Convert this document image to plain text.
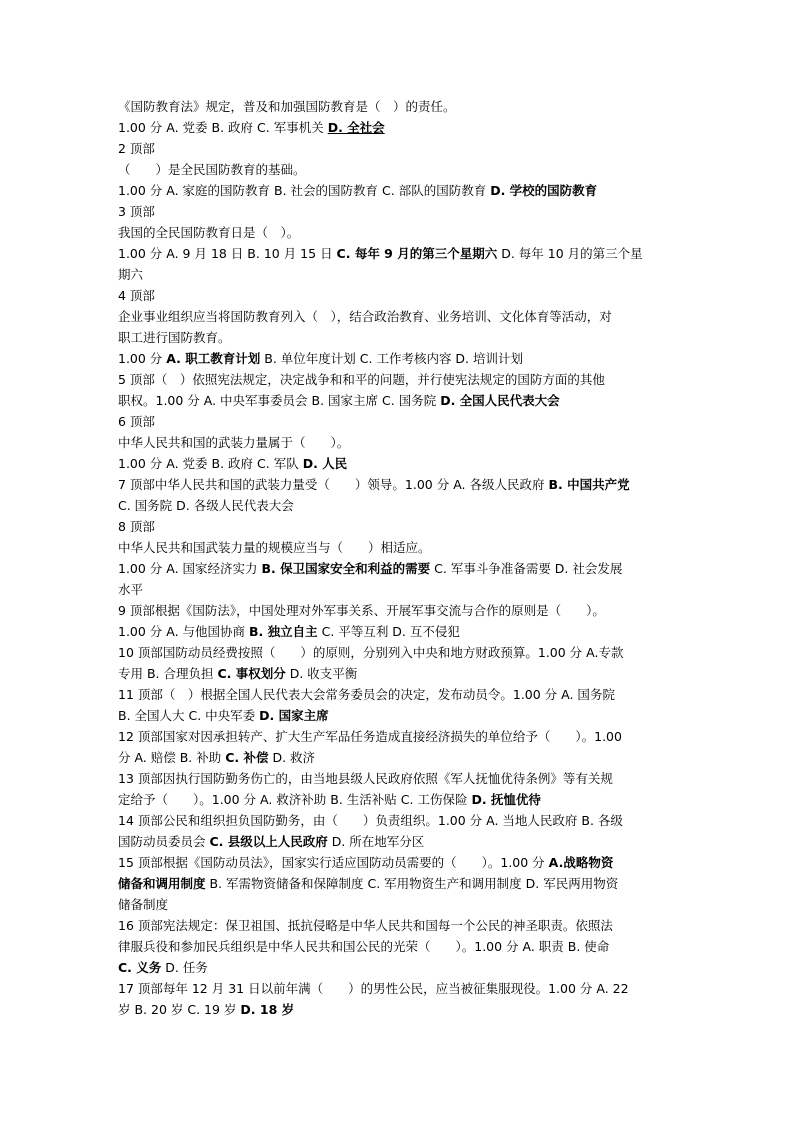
《国防教育法》规定，普及和加强国防教育是（　）的责任。
1.00 分 A. 党委 B. 政府 C. 军事机关 D. 全社会
2 顶部
（　　）是全民国防教育的基础。
1.00 分 A. 家庭的国防教育 B. 社会的国防教育 C. 部队的国防教育 D. 学校的国防教育
3 顶部
我国的全民国防教育日是（　）。
1.00 分 A. 9 月 18 日 B. 10 月 15 日 C. 每年 9 月的第三个星期六 D. 每年 10 月的第三个星
期六
4 顶部
企业事业组织应当将国防教育列入（　），结合政治教育、业务培训、文化体育等活动，对
职工进行国防教育。
1.00 分 A. 职工教育计划 B. 单位年度计划 C. 工作考核内容 D. 培训计划
5 顶部（　）依照宪法规定，决定战争和和平的问题，并行使宪法规定的国防方面的其他
职权。1.00 分 A. 中央军事委员会 B. 国家主席 C. 国务院 D. 全国人民代表大会
6 顶部
中华人民共和国的武装力量属于（　　）。
1.00 分 A. 党委 B. 政府 C. 军队 D. 人民
7 顶部中华人民共和国的武装力量受（　　）领导。1.00 分 A. 各级人民政府 B. 中国共产党
C. 国务院 D. 各级人民代表大会
8 顶部
中华人民共和国武装力量的规模应当与（　　）相适应。
1.00 分 A. 国家经济实力 B. 保卫国家安全和利益的需要 C. 军事斗争准备需要 D. 社会发展
水平
9 顶部根据《国防法》，中国处理对外军事关系、开展军事交流与合作的原则是（　　）。
1.00 分 A. 与他国协商 B. 独立自主 C. 平等互利 D. 互不侵犯
10 顶部国防动员经费按照（　　）的原则，分别列入中央和地方财政预算。1.00 分 A.专款
专用 B. 合理负担 C. 事权划分 D. 收支平衡
11 顶部（　）根据全国人民代表大会常务委员会的决定，发布动员令。1.00 分 A. 国务院
B. 全国人大 C. 中央军委 D. 国家主席
12 顶部国家对因承担转产、扩大生产军品任务造成直接经济损失的单位给予（　　）。1.00
分 A. 赔偿 B. 补助 C. 补偿 D. 救济
13 顶部因执行国防勤务伤亡的，由当地县级人民政府依照《军人抚恤优待条例》等有关规
定给予（　　）。1.00 分 A. 救济补助 B. 生活补贴 C. 工伤保险 D. 抚恤优待
14 顶部公民和组织担负国防勤务，由（　　）负责组织。1.00 分 A. 当地人民政府 B. 各级
国防动员委员会 C. 县级以上人民政府 D. 所在地军分区
15 顶部根据《国防动员法》，国家实行适应国防动员需要的（　　）。1.00 分 A.战略物资
储备和调用制度 B. 军需物资储备和保障制度 C. 军用物资生产和调用制度 D. 军民两用物资
储备制度
16 顶部宪法规定：保卫祖国、抵抗侵略是中华人民共和国每一个公民的神圣职责。依照法
律服兵役和参加民兵组织是中华人民共和国公民的光荣（　　）。1.00 分 A. 职责 B. 使命
C. 义务 D. 任务
17 顶部每年 12 月 31 日以前年满（　　）的男性公民，应当被征集服现役。1.00 分 A. 22
岁 B. 20 岁 C. 19 岁 D. 18 岁
